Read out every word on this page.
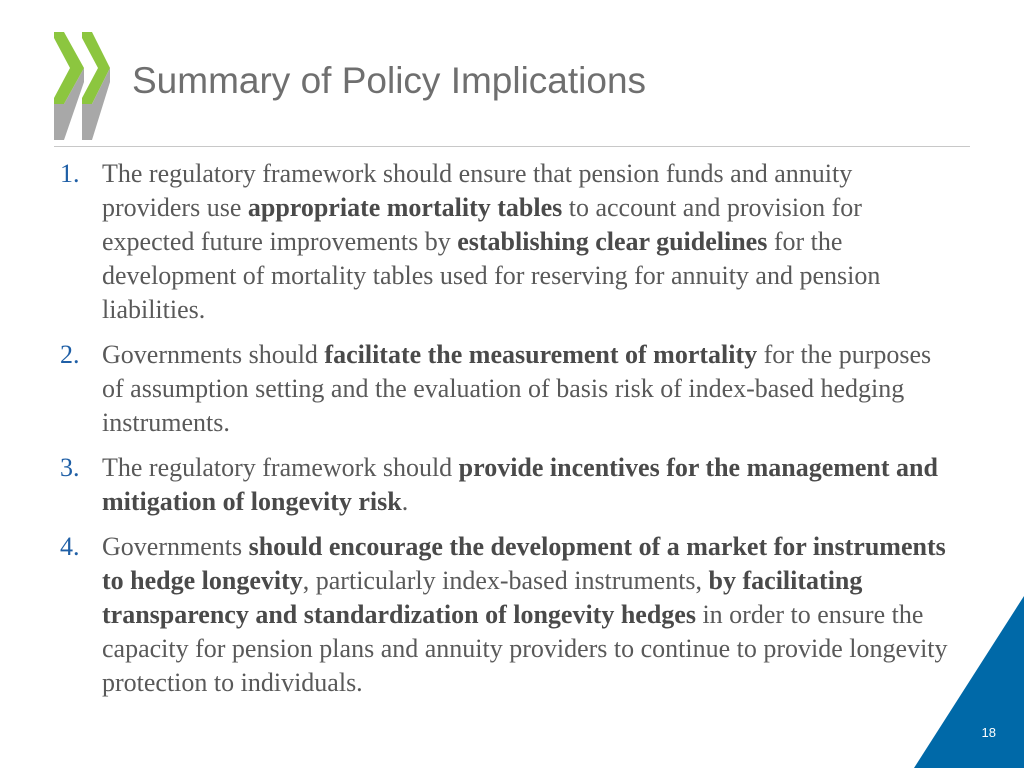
Summary of Policy Implications
1. The regulatory framework should ensure that pension funds and annuity providers use appropriate mortality tables to account and provision for expected future improvements by establishing clear guidelines for the development of mortality tables used for reserving for annuity and pension liabilities.
2. Governments should facilitate the measurement of mortality for the purposes of assumption setting and the evaluation of basis risk of index-based hedging instruments.
3. The regulatory framework should provide incentives for the management and mitigation of longevity risk.
4. Governments should encourage the development of a market for instruments to hedge longevity, particularly index-based instruments, by facilitating transparency and standardization of longevity hedges in order to ensure the capacity for pension plans and annuity providers to continue to provide longevity protection to individuals.
18
